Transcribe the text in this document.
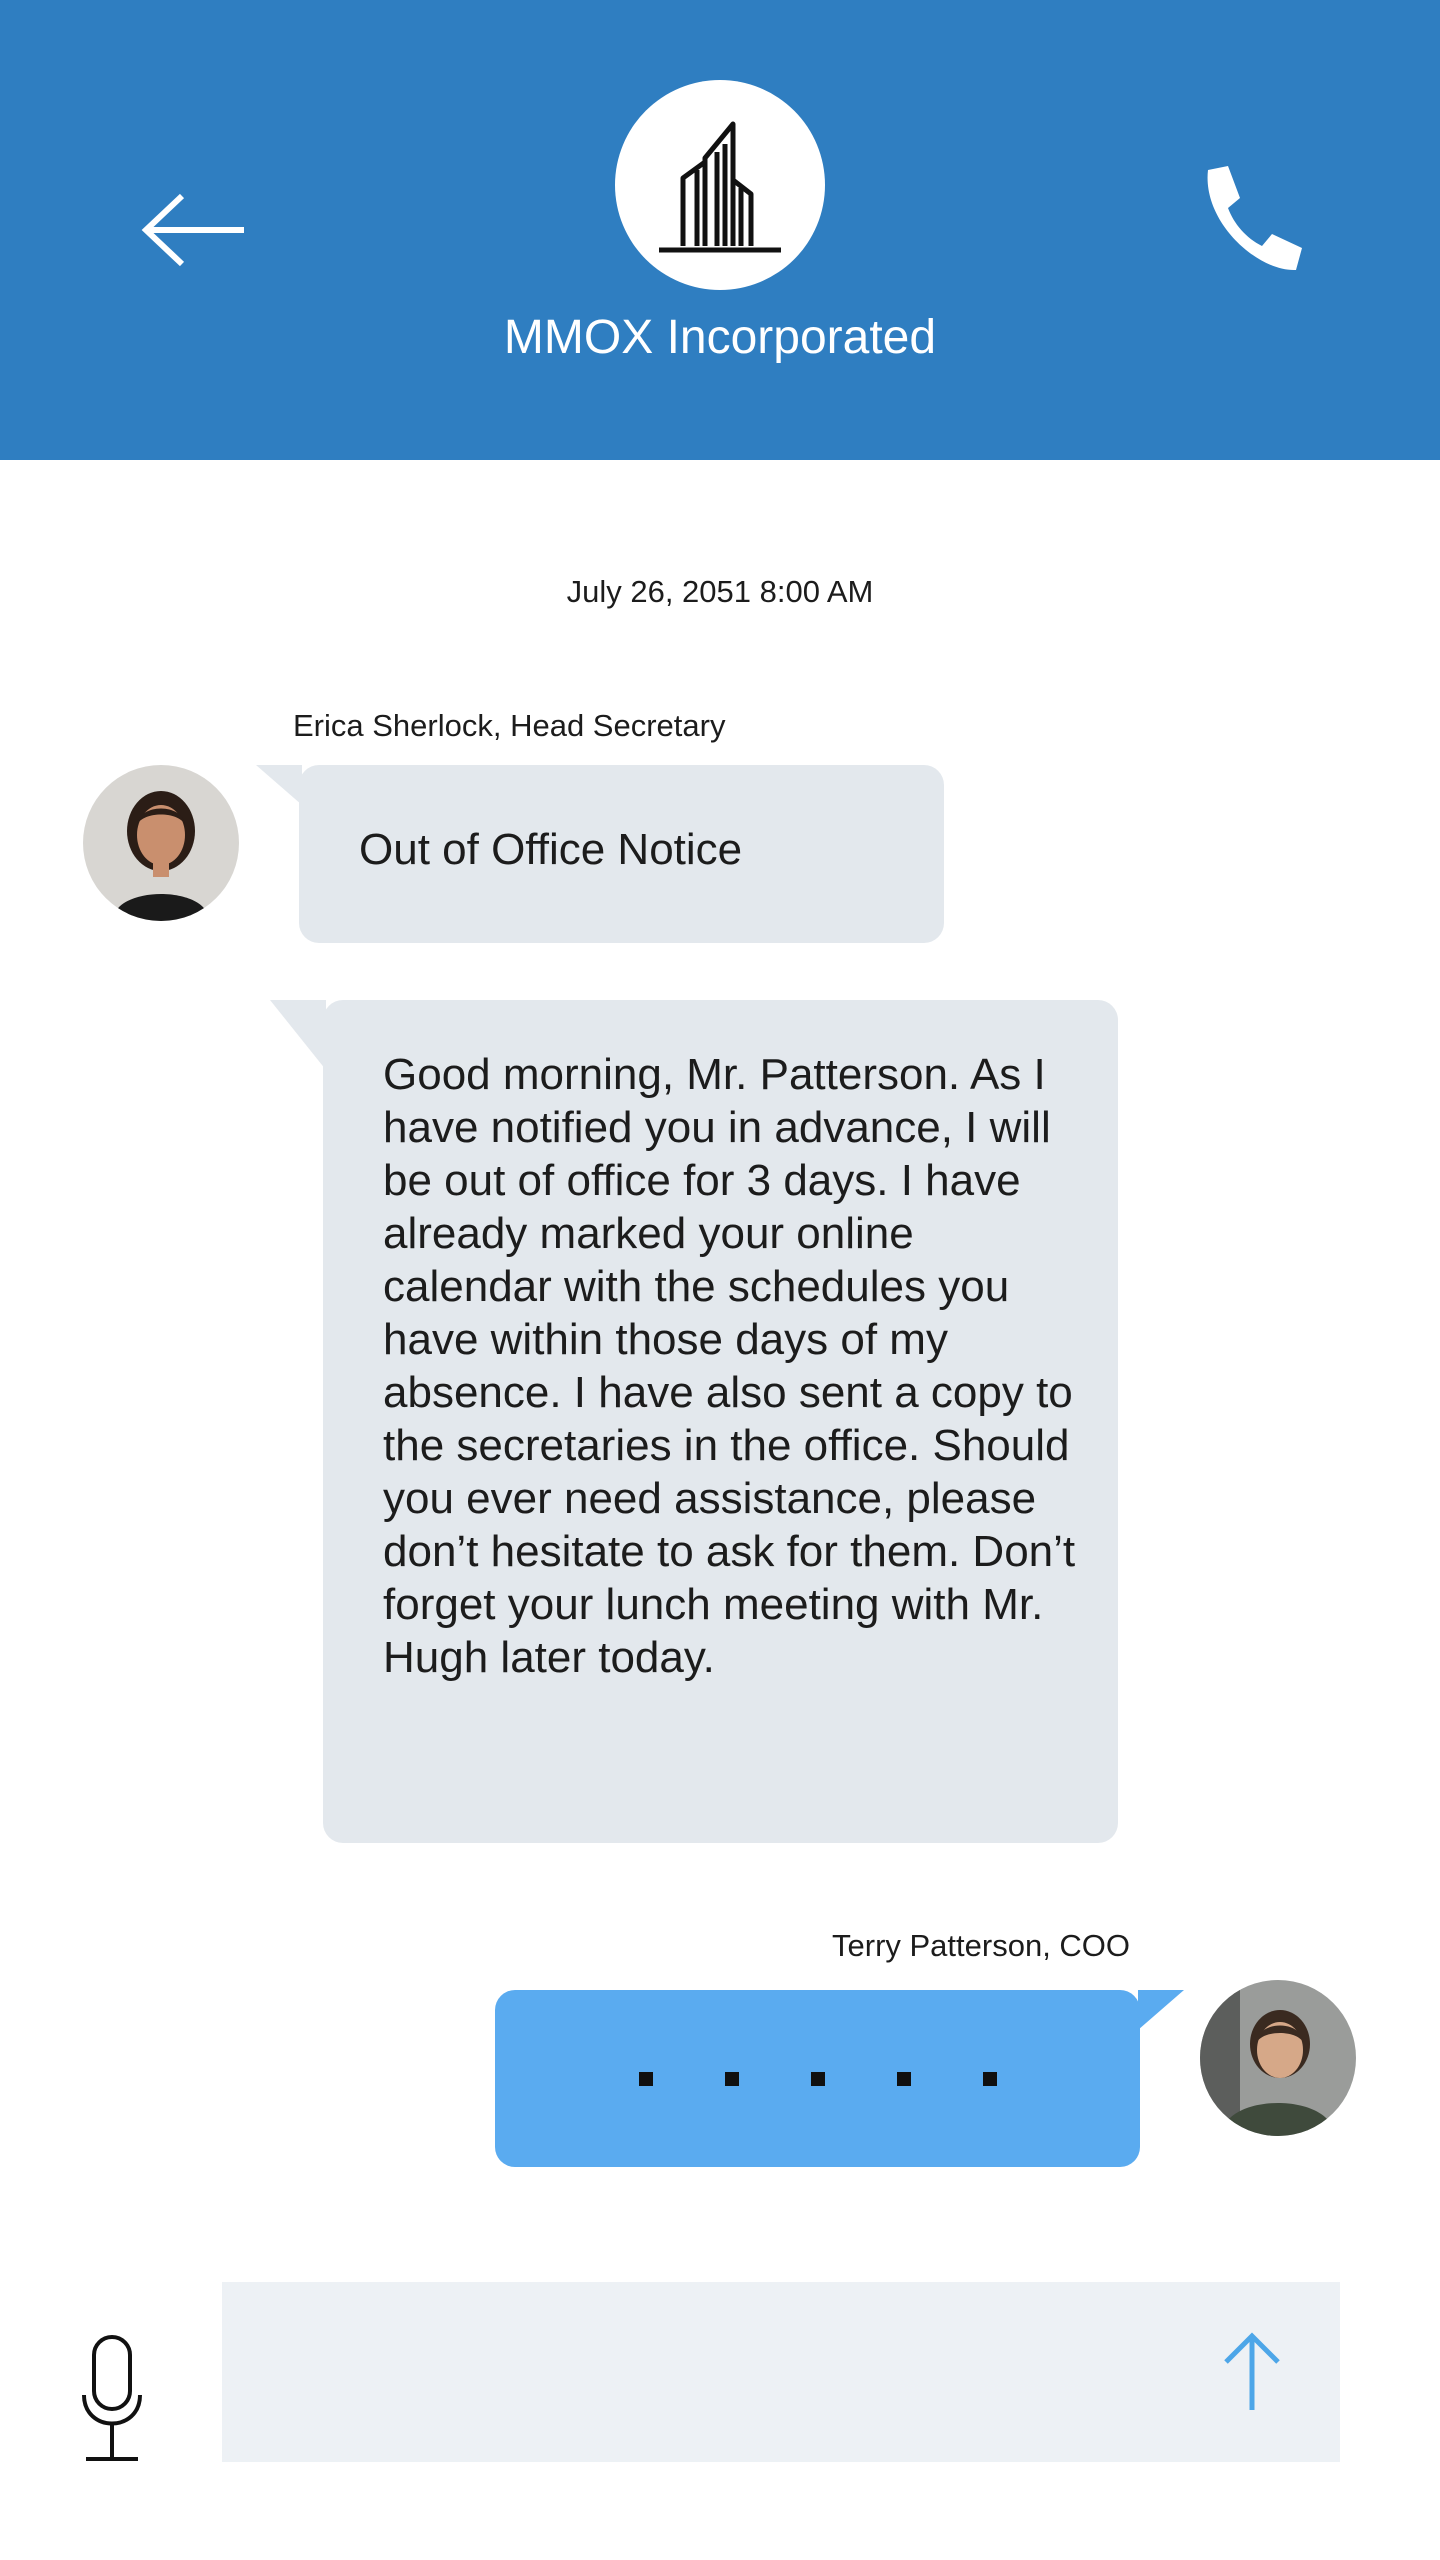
MMOX Incorporated
July 26, 2051 8:00 AM
Erica Sherlock, Head Secretary
Out of Office Notice
Good morning, Mr. Patterson. As I have notified you in advance, I will be out of office for 3 days. I have already marked your online calendar with the schedules you have within those days of my absence. I have also sent a copy to the secretaries in the office. Should you ever need assistance, please don’t hesitate to ask for them. Don’t forget your lunch meeting with Mr. Hugh later today.
Terry Patterson, COO
